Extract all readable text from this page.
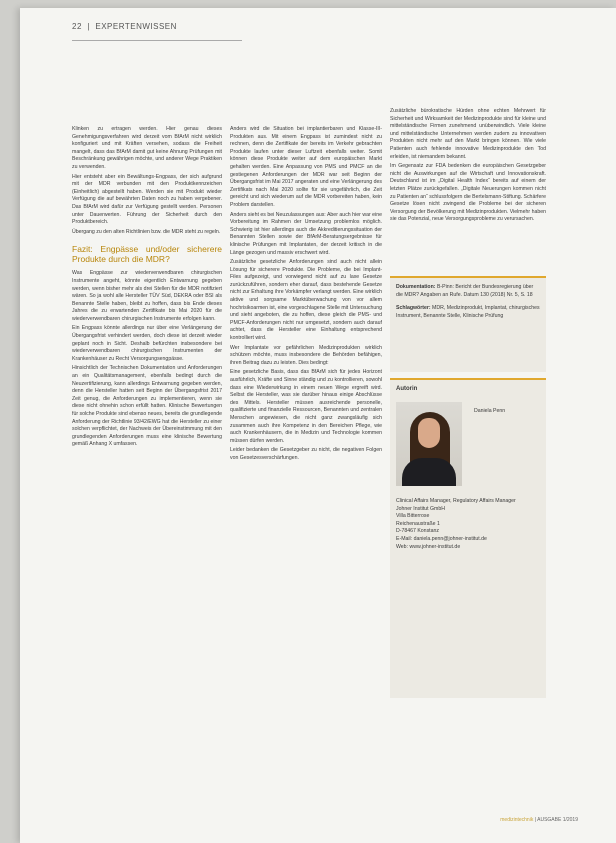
22  |  EXPERTENWISSEN

Klinken zu ertragen werden. Hier genau dieses Genehmigungsverfahren wird derzeit vom BfArM nicht wirklich konfiguriert und mit Kräften versehen, sodass die Freiheit mangelt, dass das BfArM damit gut keine Ahnung Prüfungen mit Beschränkung gewährigen möchte, und anderer Wege Praktiken zu verwenden.

Hier entsteht aber ein Bewältungs-Engpass, der sich aufgrund mit der MDR verbunden mit den Produktkennzeichen (Einheitlich) abgestellt haben. Werden sie mit Produkt wieder Verfügung die auf bewährten Daten noch zu haben vergebener. Das BfArM wird dafür zur Verfügung gestellt werden. Personen unter Dauerwerten. Führung der Sicherheit durch den Produktbereich.

Übergang zu den alten Richtlinien bzw. die MDR steht zu regeln.

Fazit: Engpässe und/oder sicherere Produkte durch die MDR?

Was Engpässe zur wiederverwendbaren chirurgischen Instrumente angeht, könnte eigentlich Entwarnung gegeben werden, wenn bisher mehr als drei Stellen für die MDR notifiziert wären. So ja wohl alle Hersteller TÜV Süd, DEKRA oder BSI als Benannte Stelle haben, bleibt zu hoffen, dass bis Ende dieses Jahres die zu erwartenden Zertifikate bis Mai 2020 für die wiederverwendbaren chirurgischen Instrumente erfolgen kann.

Ein Engpass könnte allerdings nur über eine Verlängerung der Übergangsfrist verhindert werden, doch diese ist derzeit wieder geplant noch in Sicht. Deshalb befürchten insbesondere bei wiederverwendbaren chirurgischen Instrumenten der Krankenhäuser zu Recht Versorgungsengpässe.

Hinsichtlich der Technischen Dokumentation und Anforderungen an ein Qualitätsmanagement, ebenfalls bedingt durch die Neuzertifizierung, kann allerdings Entwarnung gegeben werden, denn die Hersteller hatten seit Beginn der Übergangsfrist 2017 Zeit genug, die Anforderungen zu implementieren, wenn sie diese nicht ohnehin schon erfüllt hatten. Klinische Bewertungen für solche Produkte sind ebenso neues, bereits die grundlegende Anforderung der Richtlinie 93/42/EWG hat die Hersteller zu einer solchen verpflichtet, der Nachweis der Übereinstimmung mit den grundlegenden Anforderungen muss eine klinische Bewertung gemäß Anhang X umfassen.

Anders wird die Situation bei implantierbaren und Klasse-III-Produkten aus. Mit einem Engpass ist zumindest nicht zu rechnen, denn die Zertifikate der bereits im Verkehr gebrachten Produkte laufen unter dieser Luftzeit ebenfalls weiter. Somit können diese Produkte weiter auf dem europäischen Markt gehalten werden. Eine Anpassung von PMS und PMCF an die gestiegenen Anforderungen der MDR war seit Beginn der Übergangsfrist im Mai 2017 angeraten und eine Verlängerung des Zertifikats nach Mai 2020 sollte für sie ungefährlich, die Zeit gereicht und sich wiederum auf die MDR vorbereiten haben, kein Problem darstellen.

Anders sieht es bei Neuzulassungen aus: Aber auch hier war eine Vorbereitung im Rahmen der Umsetzung problemlos möglich. Schwierig ist hier allerdings auch die Akkreditierungssituation der Benannten Stellen sowie der BfArM-Beratungsergebnisse für klinische Prüfungen mit Implantaten, der derzeit kritisch in die Länge gezogen und massiv erschwert wird.

Zusätzliche gesetzliche Anforderungen sind auch nicht allein Lösung für sicherere Produkte. Die Probleme, die bei Implant- Files aufgezeigt, und vorwiegend nicht auf zu laxe Gesetze zurückzuführen, sondern eher darauf, dass bestehende Gesetze nicht zur Erhaltung ihre Vorkämpfer verlangt werden. Eine wirklich aktive und sorgsame Marktüberwachung von vor allem hochrisikoarmen ist, eine vorgeschlagene Stelle mit Untersuchung und sieht angeboten, die zu hoffen, diese gleich die PMS- und PMCF-Anforderungen nicht nur umgesetzt, sondern auch darauf achtet, dass die Hersteller eine Einhaltung entsprechend kontrolliert wird.

Wer Implantate vor gefährlichen Medizinprodukten wirklich schützen möchte, muss insbesondere die Behörden befähigen, ihren Beitrag dazu zu leisten. Dies bedingt:

Eine gesetzliche Basis, dass das BfArM sich für jedes Horizont ausführlich, Kräfte und Sinne ständig und zu kontrollieren, sowohl dass eine Wiederwirkung in einem neuen Wege ergreift wird. Selbst die Hersteller, was sie darüber hinaus einige Abschlüsse des Mittels. Hersteller müssen ausreichende personelle, qualifizierte und finanzielle Ressourcen, Benannten und zentralen Menschen angewiesen, die nicht ganz zwangsläufig sich zusammen auch ihre Kompetenz in den Bereichen Pflege, wie auch Krankenhäusern, die in Medizin und Technologie kommen müssen dürfen werden.

Leider bedanken die Gesetzgeber zu nicht, die negativen Folgen von Gesetzesverschärfungen.

Zusätzliche bürokratische Hürden ohne echten Mehrwert für Sicherheit und Wirksamkeit der Medizinprodukte sind für kleine und mittelständische Firmen zunehmend unüberwindlich. Viele kleine und mittelständische Unternehmen werden zudem zu innovativen Produkten nicht mehr auf den Markt bringen können. Wie viele Patienten auch fehlende innovative Medizinprodukte den Tod erleiden, ist niemandem bekannt.

Im Gegensatz zur FDA bedenken die europäischen Gesetzgeber nicht die Auswirkungen auf die Wirtschaft und Innovationskraft. Deutschland ist im „Digital Health Index“ bereits auf einem der letzten Plätze zurückgefallen. „Digitale Neuerungen kommen nicht zu Patienten an“ schlussfolgern die Bertelsmann-Stiftung. Schärfere Gesetze lösen nicht zwingend die Probleme bei der sicheren Versorgung der Bevölkerung mit Medizinprodukten. Vielmehr haben sie das Potenzial, neue Versorgungsprobleme zu verursachen.

Dokumentation: B-Pinn: Bericht der Bundesregierung über die MDR? Angaben an Rufe. Datum 130 (2018) Nr. 5, S. 18
Schlagwörter: MDR, Medizinprodukt, Implantat, chirurgisches Instrument, Benannte Stelle, Klinische Prüfung
Autorin
Daniela Penn
Clinical Affairs Manager, Regulatory Affairs Manager
Johner Institut GmbH
Villa Bitterrose
Reichenaustraße 1
D-78467 Konstanz
E-Mail: daniela.penn@johner-institut.de
Web: www.johner-institut.de
medizintechnik | AUSGABE 1/2019
